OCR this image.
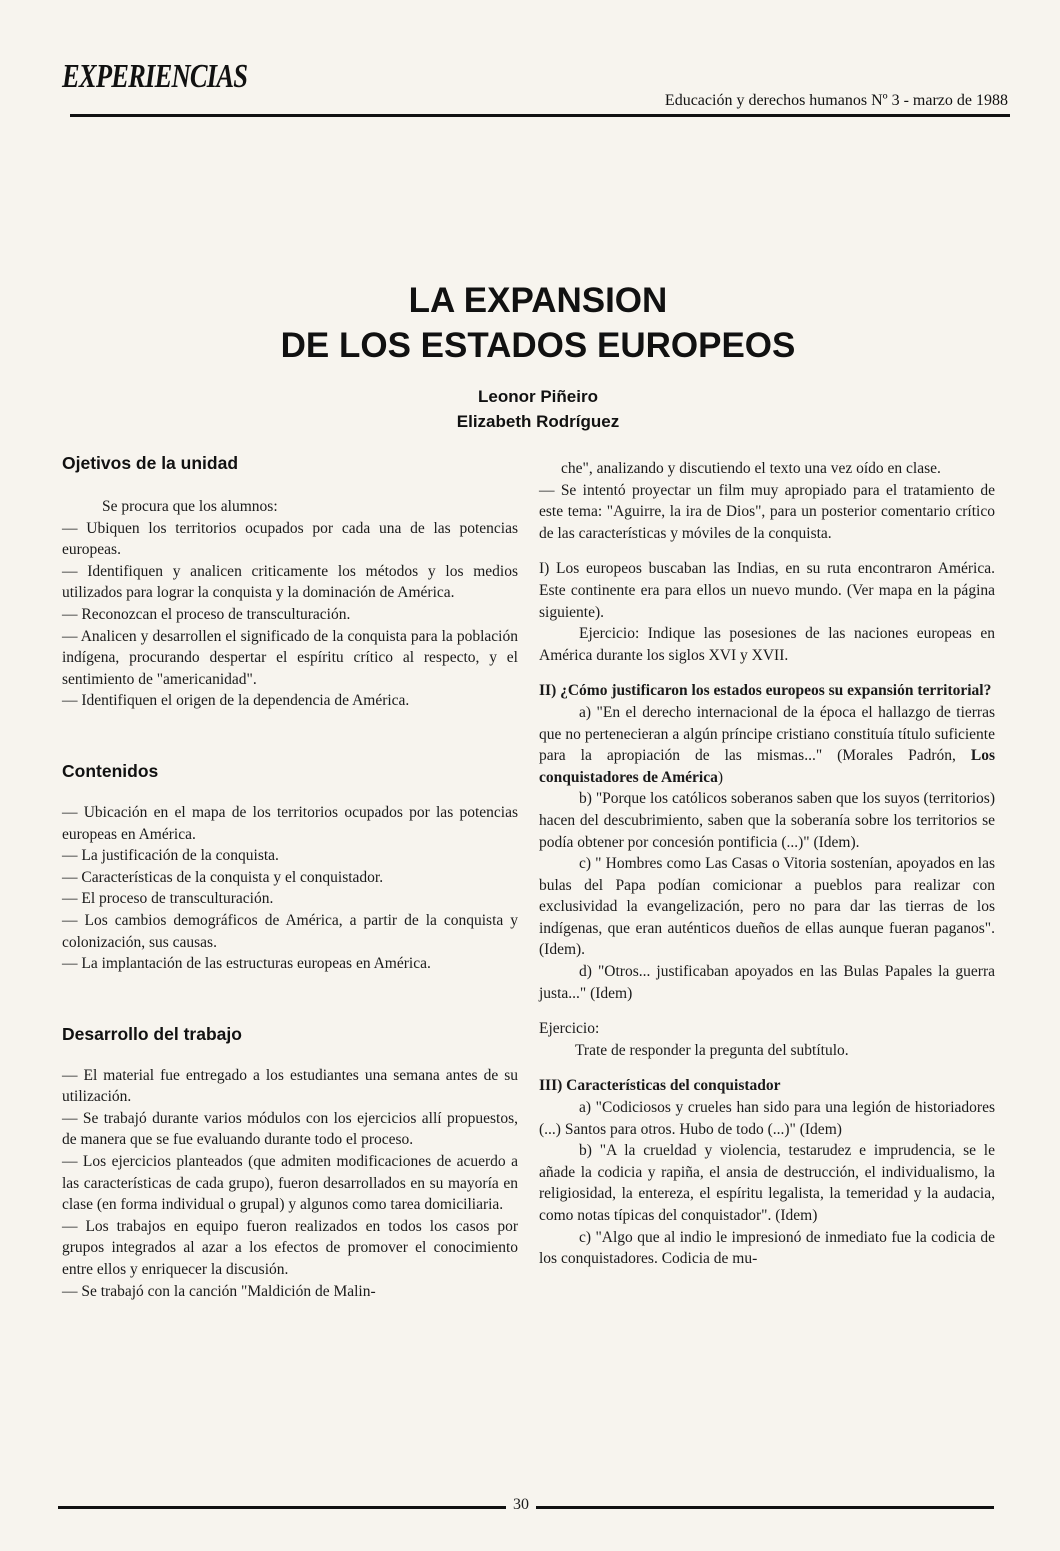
EXPERIENCIAS
Educación y derechos humanos Nº 3 - marzo de 1988
LA EXPANSION
DE LOS ESTADOS EUROPEOS
Leonor Piñeiro
Elizabeth Rodríguez
Ojetivos de la unidad

Se procura que los alumnos:

— Ubiquen los territorios ocupados por cada una de las potencias europeas.

— Identifiquen y analicen criticamente los métodos y los medios utilizados para lograr la conquista y la dominación de América.

— Reconozcan el proceso de transculturación.

— Analicen y desarrollen el significado de la conquista para la población indígena, procurando despertar el espíritu crítico al respecto, y el sentimiento de "americanidad".

— Identifiquen el origen de la dependencia de América.

Contenidos

— Ubicación en el mapa de los territorios ocupados por las potencias europeas en América.

— La justificación de la conquista.

— Características de la conquista y el conquistador.

— El proceso de transculturación.

— Los cambios demográficos de América, a partir de la conquista y colonización, sus causas.

— La implantación de las estructuras europeas en América.

Desarrollo del trabajo

— El material fue entregado a los estudiantes una semana antes de su utilización.

— Se trabajó durante varios módulos con los ejercicios allí propuestos, de manera que se fue evaluando durante todo el proceso.

— Los ejercicios planteados (que admiten modificaciones de acuerdo a las características de cada grupo), fueron desarrollados en su mayoría en clase (en forma individual o grupal) y algunos como tarea domiciliaria.

— Los trabajos en equipo fueron realizados en todos los casos por grupos integrados al azar a los efectos de promover el conocimiento entre ellos y enriquecer la discusión.

— Se trabajó con la canción "Maldición de Malin-

che", analizando y discutiendo el texto una vez oído en clase.

— Se intentó proyectar un film muy apropiado para el tratamiento de este tema: "Aguirre, la ira de Dios", para un posterior comentario crítico de las características y móviles de la conquista.

I) Los europeos buscaban las Indias, en su ruta encontraron América. Este continente era para ellos un nuevo mundo. (Ver mapa en la página siguiente).

Ejercicio: Indique las posesiones de las naciones europeas en América durante los siglos XVI y XVII.

II) ¿Cómo justificaron los estados europeos su expansión territorial?

a) "En el derecho internacional de la época el hallazgo de tierras que no pertenecieran a algún príncipe cristiano constituía título suficiente para la apropiación de las mismas..." (Morales Padrón, Los conquistadores de América)

b) "Porque los católicos soberanos saben que los suyos (territorios) hacen del descubrimiento, saben que la soberanía sobre los territorios se podía obtener por concesión pontificia (...)" (Idem).

c) " Hombres como Las Casas o Vitoria sostenían, apoyados en las bulas del Papa podían comicionar a pueblos para realizar con exclusividad la evangelización, pero no para dar las tierras de los indígenas, que eran auténticos dueños de ellas aunque fueran paganos". (Idem).

d) "Otros... justificaban apoyados en las Bulas Papales la guerra justa..." (Idem)

Ejercicio:

Trate de responder la pregunta del subtítulo.

III) Características del conquistador

a) "Codiciosos y crueles han sido para una legión de historiadores (...) Santos para otros. Hubo de todo (...)" (Idem)

b) "A la crueldad y violencia, testarudez e imprudencia, se le añade la codicia y rapiña, el ansia de destrucción, el individualismo, la religiosidad, la entereza, el espíritu legalista, la temeridad y la audacia, como notas típicas del conquistador". (Idem)

c) "Algo que al indio le impresionó de inmediato fue la codicia de los conquistadores. Codicia de mu-

30
